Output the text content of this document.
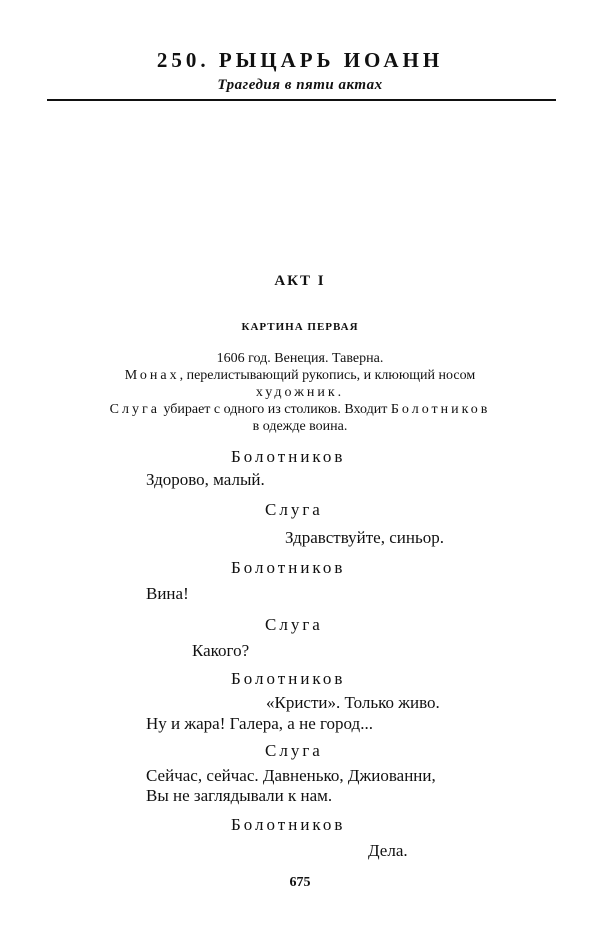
250. РЫЦАРЬ ИОАНН
Трагедия в пяти актах
АКТ I
КАРТИНА ПЕРВАЯ
1606 год. Венеция. Таверна.
Монах, перелистывающий рукопись, и клюющий носом
художник.
Слуга убирает с одного из столиков. Входит Болотников
в одежде воина.
Болотников
Здорово, малый.
Слуга
Здравствуйте, синьор.
Болотников
Вина!
Слуга
Какого?
Болотников
«Кристи». Только живо.
Ну и жара! Галера, а не город...
Слуга
Сейчас, сейчас. Давненько, Джиованни,
Вы не заглядывали к нам.
Болотников
Дела.
675
